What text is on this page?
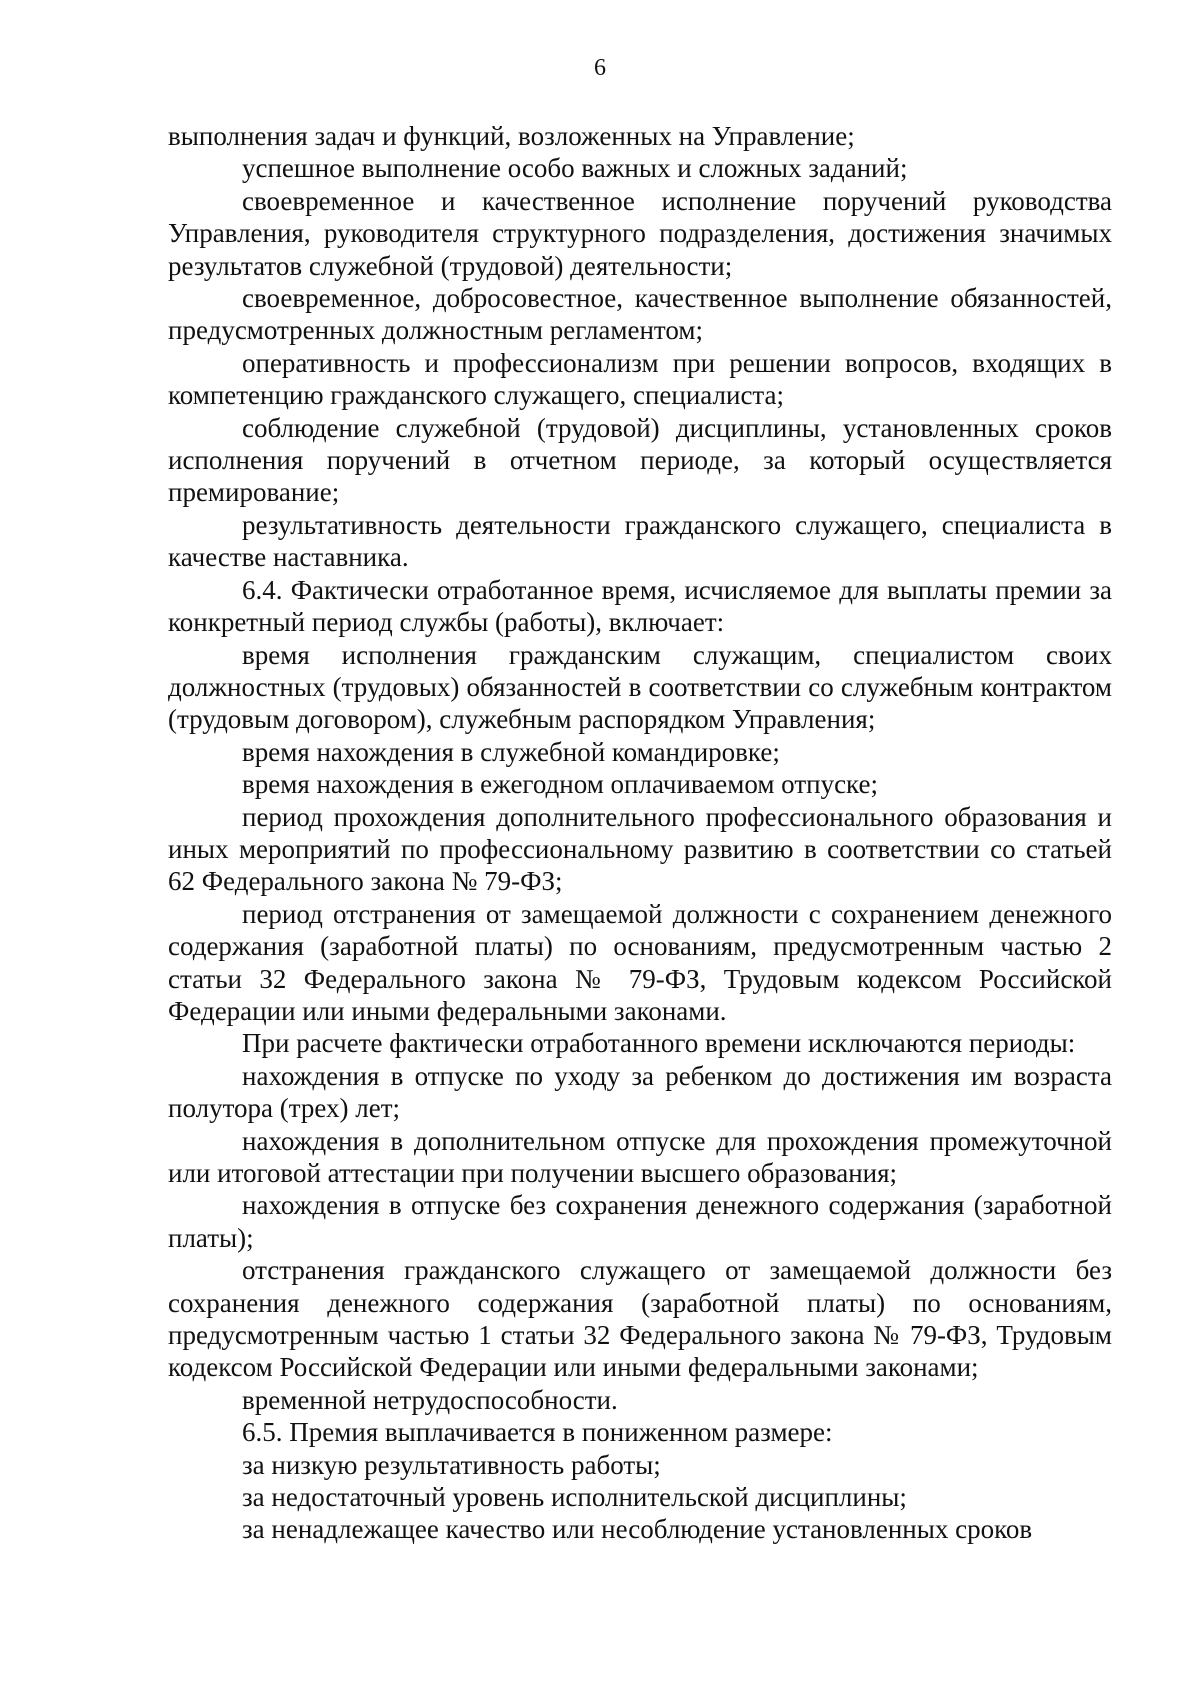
6

выполнения задач и функций, возложенных на Управление;

успешное выполнение особо важных и сложных заданий;

своевременное и качественное исполнение поручений руководства Управления, руководителя структурного подразделения, достижения значимых результатов служебной (трудовой) деятельности;

своевременное, добросовестное, качественное выполнение обязанностей, предусмотренных должностным регламентом;

оперативность и профессионализм при решении вопросов, входящих в компетенцию гражданского служащего, специалиста;

соблюдение служебной (трудовой) дисциплины, установленных сроков исполнения поручений в отчетном периоде, за который осуществляется премирование;

результативность деятельности гражданского служащего, специалиста в качестве наставника.

6.4. Фактически отработанное время, исчисляемое для выплаты премии за конкретный период службы (работы), включает:

время исполнения гражданским служащим, специалистом своих должностных (трудовых) обязанностей в соответствии со служебным контрактом (трудовым договором), служебным распорядком Управления;

время нахождения в служебной командировке;

время нахождения в ежегодном оплачиваемом отпуске;

период прохождения дополнительного профессионального образования и иных мероприятий по профессиональному развитию в соответствии со статьей 62 Федерального закона № 79-ФЗ;

период отстранения от замещаемой должности с сохранением денежного содержания (заработной платы) по основаниям, предусмотренным частью 2 статьи 32 Федерального закона № 79-ФЗ, Трудовым кодексом Российской Федерации или иными федеральными законами.

При расчете фактически отработанного времени исключаются периоды:

нахождения в отпуске по уходу за ребенком до достижения им возраста полутора (трех) лет;

нахождения в дополнительном отпуске для прохождения промежуточной или итоговой аттестации при получении высшего образования;

нахождения в отпуске без сохранения денежного содержания (заработной платы);

отстранения гражданского служащего от замещаемой должности без сохранения денежного содержания (заработной платы) по основаниям, предусмотренным частью 1 статьи 32 Федерального закона № 79-ФЗ, Трудовым кодексом Российской Федерации или иными федеральными законами;

временной нетрудоспособности.

6.5. Премия выплачивается в пониженном размере:

за низкую результативность работы;

за недостаточный уровень исполнительской дисциплины;

за ненадлежащее качество или несоблюдение установленных сроков
